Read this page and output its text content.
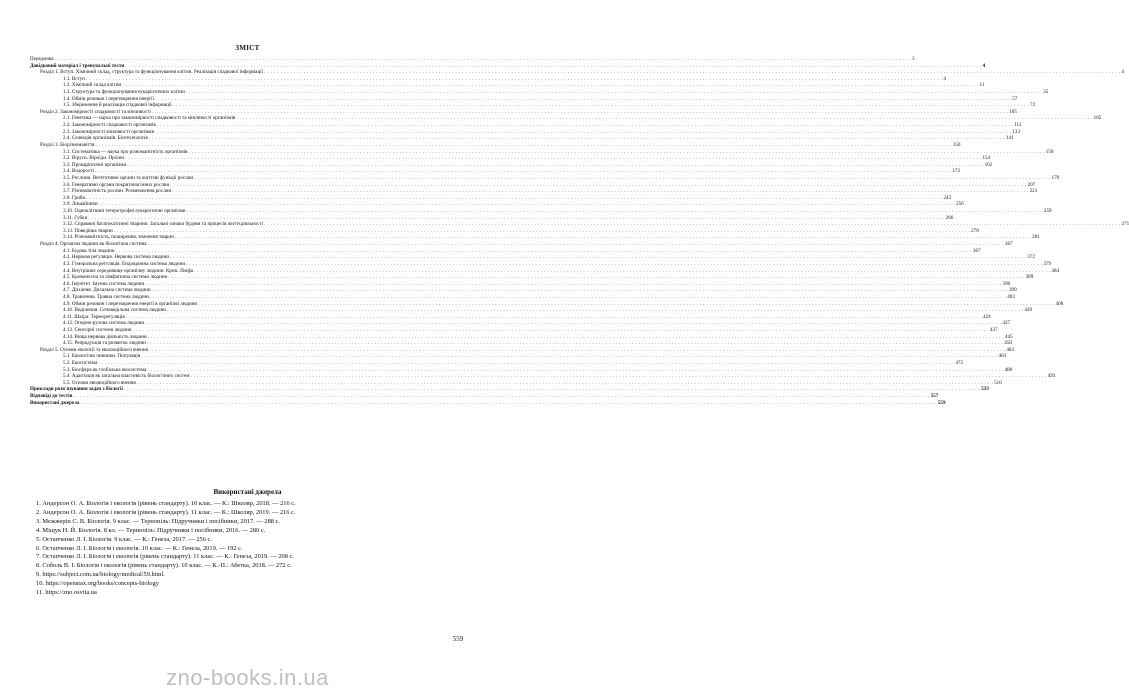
ЗМІСТ
Передмова . . . . . . . . . . . . . . . . . . . . . . . . . . . . . . . . . . . . . . . . . . . . . . . . . . . . . . . . . . . . . . . . . . . . . . . . . . . . . . . . . . . . . . . . . . . . . . . . . . . . . . . . . . . . . . . . . . . . . . . . . . . . . . . . . . . . . . . . . . . . . . . . . . . . . . . . . . . . . . . . . . . . . . . . . . . . . . . . . . . . . . . . . . . . . . . . . . . . . . . . . . . . . . . . . . . . . . . . . . . . . . . . . . . . . . . . . . . . . . . . . . . . . . . . . . . . . . . . . . . . 3
Довідковий матеріал і тренувальні тести . . . . . . . . . . . . . . . . . . . . . . . . . . . . . . . . . . . . . . . . . . . . . . . . . . . . . . . . . . . . . . . . . . . . . . . . . . . . . . . . . . . . . . . . . . . . . . . . . . . . . . . . . . . . . . . . . . . . . . . . . . . . . . . . . . . . . . . . . . . . . . . . . . . . . . . . . . . . . . . . . . . . . . . . . . . . . . . . . . . . . . . . . . . . . . . . . . . . . . . . . . . . . . . . . . . . . . . . . . . . . . . . . . . . . . . . . . . . . . . . . . . . . . . . . . . . . . . . . . . . 4
Розділ 1. Вступ. Хімічний склад, структура та функціонування клітин. Реалізація спадкової інформації . . . . . . . . . . . . . . . . . . . . . . . . . . . . . . . . . . . . . . . . . . . . . . . . . . . . . . . . . . . . . . . . . . . . . . . . . . . . . . . . . . . . . . . . . . . . . . . . . . . . . . . . . . . . . . . . . . . . . . . . . . . . . . . . . . . . . . . . . . . . . . . . . . . . . . . . . . . . . . . . . . . . . . . . . . . . . . . . . . . . . . . . . . . . . . . . . . . . . . . . . . . . . . . . . . . . . . . . . . . . . . . . . . . . . . . . . . . . . . . . . . . . . . . . . . . . . . . . . . . . 4
1.1. Вступ . . . . . . . . . . . . . . . . . . . . . . . . . . . . . . . . . . . . . . . . . . . . . . . . . . . . . . . . . . . . . . . . . . . . . . . . . . . . . . . . . . . . . . . . . . . . . . . . . . . . . . . . . . . . . . . . . . . . . . . . . . . . . . . . . . . . . . . . . . . . . . . . . . . . . . . . . . . . . . . . . . . . . . . . . . . . . . . . . . . . . . . . . . . . . . . . . . . . . . . . . . . . . . . . . . . . . . . . . . . . . . . . . . . . . . . . . . . . . . . . . . . . . . . . . . . . . . . . . . . . 4
1.2. Хімічний склад клітин . . . . . . . . . . . . . . . . . . . . . . . . . . . . . . . . . . . . . . . . . . . . . . . . . . . . . . . . . . . . . . . . . . . . . . . . . . . . . . . . . . . . . . . . . . . . . . . . . . . . . . . . . . . . . . . . . . . . . . . . . . . . . . . . . . . . . . . . . . . . . . . . . . . . . . . . . . . . . . . . . . . . . . . . . . . . . . . . . . . . . . . . . . . . . . . . . . . . . . . . . . . . . . . . . . . . . . . . . . . . . . . . . . . . . . . . . . . . . . . . . . . . . . . . . . . . . . . . . . . . 11
1.3. Структура та функціонування еукаріотичних клітин . . . . . . . . . . . . . . . . . . . . . . . . . . . . . . . . . . . . . . . . . . . . . . . . . . . . . . . . . . . . . . . . . . . . . . . . . . . . . . . . . . . . . . . . . . . . . . . . . . . . . . . . . . . . . . . . . . . . . . . . . . . . . . . . . . . . . . . . . . . . . . . . . . . . . . . . . . . . . . . . . . . . . . . . . . . . . . . . . . . . . . . . . . . . . . . . . . . . . . . . . . . . . . . . . . . . . . . . . . . . . . . . . . . . . . . . . . . . . . . . . . . . . . . . . . . . . . . . . . . . 35
1.4. Обмін речовин і перетворення енергії . . . . . . . . . . . . . . . . . . . . . . . . . . . . . . . . . . . . . . . . . . . . . . . . . . . . . . . . . . . . . . . . . . . . . . . . . . . . . . . . . . . . . . . . . . . . . . . . . . . . . . . . . . . . . . . . . . . . . . . . . . . . . . . . . . . . . . . . . . . . . . . . . . . . . . . . . . . . . . . . . . . . . . . . . . . . . . . . . . . . . . . . . . . . . . . . . . . . . . . . . . . . . . . . . . . . . . . . . . . . . . . . . . . . . . . . . . . . . . . . . . . . . . . . . . . . . . . . . . . . 57
1.5. Збереження й реалізація спадкової інформації . . . . . . . . . . . . . . . . . . . . . . . . . . . . . . . . . . . . . . . . . . . . . . . . . . . . . . . . . . . . . . . . . . . . . . . . . . . . . . . . . . . . . . . . . . . . . . . . . . . . . . . . . . . . . . . . . . . . . . . . . . . . . . . . . . . . . . . . . . . . . . . . . . . . . . . . . . . . . . . . . . . . . . . . . . . . . . . . . . . . . . . . . . . . . . . . . . . . . . . . . . . . . . . . . . . . . . . . . . . . . . . . . . . . . . . . . . . . . . . . . . . . . . . . . . . . . . . . . . . . 72
Розділ 2. Закономірності спадковості та мінливості . . . . . . . . . . . . . . . . . . . . . . . . . . . . . . . . . . . . . . . . . . . . . . . . . . . . . . . . . . . . . . . . . . . . . . . . . . . . . . . . . . . . . . . . . . . . . . . . . . . . . . . . . . . . . . . . . . . . . . . . . . . . . . . . . . . . . . . . . . . . . . . . . . . . . . . . . . . . . . . . . . . . . . . . . . . . . . . . . . . . . . . . . . . . . . . . . . . . . . . . . . . . . . . . . . . . . . . . . . . . . . . . . . . . . . . . . . . . . . . . . . . . . . . . . . . . . . . . . . . . 105
2.1. Генетика — наука про закономірності спадковості та мінливості організмів . . . . . . . . . . . . . . . . . . . . . . . . . . . . . . . . . . . . . . . . . . . . . . . . . . . . . . . . . . . . . . . . . . . . . . . . . . . . . . . . . . . . . . . . . . . . . . . . . . . . . . . . . . . . . . . . . . . . . . . . . . . . . . . . . . . . . . . . . . . . . . . . . . . . . . . . . . . . . . . . . . . . . . . . . . . . . . . . . . . . . . . . . . . . . . . . . . . . . . . . . . . . . . . . . . . . . . . . . . . . . . . . . . . . . . . . . . . . . . . . . . . . . . . . . . . . . . . . . . . . 105
2.2. Закономірності спадковості організмів . . . . . . . . . . . . . . . . . . . . . . . . . . . . . . . . . . . . . . . . . . . . . . . . . . . . . . . . . . . . . . . . . . . . . . . . . . . . . . . . . . . . . . . . . . . . . . . . . . . . . . . . . . . . . . . . . . . . . . . . . . . . . . . . . . . . . . . . . . . . . . . . . . . . . . . . . . . . . . . . . . . . . . . . . . . . . . . . . . . . . . . . . . . . . . . . . . . . . . . . . . . . . . . . . . . . . . . . . . . . . . . . . . . . . . . . . . . . . . . . . . . . . . . . . . . . . . . . . . . . 112
2.3. Закономірності мінливості організмів . . . . . . . . . . . . . . . . . . . . . . . . . . . . . . . . . . . . . . . . . . . . . . . . . . . . . . . . . . . . . . . . . . . . . . . . . . . . . . . . . . . . . . . . . . . . . . . . . . . . . . . . . . . . . . . . . . . . . . . . . . . . . . . . . . . . . . . . . . . . . . . . . . . . . . . . . . . . . . . . . . . . . . . . . . . . . . . . . . . . . . . . . . . . . . . . . . . . . . . . . . . . . . . . . . . . . . . . . . . . . . . . . . . . . . . . . . . . . . . . . . . . . . . . . . . . . . . . . . . . 133
2.4. Селекція організмів. Біотехнологія . . . . . . . . . . . . . . . . . . . . . . . . . . . . . . . . . . . . . . . . . . . . . . . . . . . . . . . . . . . . . . . . . . . . . . . . . . . . . . . . . . . . . . . . . . . . . . . . . . . . . . . . . . . . . . . . . . . . . . . . . . . . . . . . . . . . . . . . . . . . . . . . . . . . . . . . . . . . . . . . . . . . . . . . . . . . . . . . . . . . . . . . . . . . . . . . . . . . . . . . . . . . . . . . . . . . . . . . . . . . . . . . . . . . . . . . . . . . . . . . . . . . . . . . . . . . . . . . . . . . 141
Розділ 3. Біорізноманіття . . . . . . . . . . . . . . . . . . . . . . . . . . . . . . . . . . . . . . . . . . . . . . . . . . . . . . . . . . . . . . . . . . . . . . . . . . . . . . . . . . . . . . . . . . . . . . . . . . . . . . . . . . . . . . . . . . . . . . . . . . . . . . . . . . . . . . . . . . . . . . . . . . . . . . . . . . . . . . . . . . . . . . . . . . . . . . . . . . . . . . . . . . . . . . . . . . . . . . . . . . . . . . . . . . . . . . . . . . . . . . . . . . . . . . . . . . . . . . . . . . . . . . . . . . . . . . . . . . . . 150
3.1. Систематика — наука про різноманітність організмів . . . . . . . . . . . . . . . . . . . . . . . . . . . . . . . . . . . . . . . . . . . . . . . . . . . . . . . . . . . . . . . . . . . . . . . . . . . . . . . . . . . . . . . . . . . . . . . . . . . . . . . . . . . . . . . . . . . . . . . . . . . . . . . . . . . . . . . . . . . . . . . . . . . . . . . . . . . . . . . . . . . . . . . . . . . . . . . . . . . . . . . . . . . . . . . . . . . . . . . . . . . . . . . . . . . . . . . . . . . . . . . . . . . . . . . . . . . . . . . . . . . . . . . . . . . . . . . . . . . . 150
3.2. Віруси. Віроїди. Пріони . . . . . . . . . . . . . . . . . . . . . . . . . . . . . . . . . . . . . . . . . . . . . . . . . . . . . . . . . . . . . . . . . . . . . . . . . . . . . . . . . . . . . . . . . . . . . . . . . . . . . . . . . . . . . . . . . . . . . . . . . . . . . . . . . . . . . . . . . . . . . . . . . . . . . . . . . . . . . . . . . . . . . . . . . . . . . . . . . . . . . . . . . . . . . . . . . . . . . . . . . . . . . . . . . . . . . . . . . . . . . . . . . . . . . . . . . . . . . . . . . . . . . . . . . . . . . . . . . . . . 154
3.3. Прокаріотичні організми . . . . . . . . . . . . . . . . . . . . . . . . . . . . . . . . . . . . . . . . . . . . . . . . . . . . . . . . . . . . . . . . . . . . . . . . . . . . . . . . . . . . . . . . . . . . . . . . . . . . . . . . . . . . . . . . . . . . . . . . . . . . . . . . . . . . . . . . . . . . . . . . . . . . . . . . . . . . . . . . . . . . . . . . . . . . . . . . . . . . . . . . . . . . . . . . . . . . . . . . . . . . . . . . . . . . . . . . . . . . . . . . . . . . . . . . . . . . . . . . . . . . . . . . . . . . . . . . . . . . 162
3.4. Водорості . . . . . . . . . . . . . . . . . . . . . . . . . . . . . . . . . . . . . . . . . . . . . . . . . . . . . . . . . . . . . . . . . . . . . . . . . . . . . . . . . . . . . . . . . . . . . . . . . . . . . . . . . . . . . . . . . . . . . . . . . . . . . . . . . . . . . . . . . . . . . . . . . . . . . . . . . . . . . . . . . . . . . . . . . . . . . . . . . . . . . . . . . . . . . . . . . . . . . . . . . . . . . . . . . . . . . . . . . . . . . . . . . . . . . . . . . . . . . . . . . . . . . . . . . . . . . . . . . . . . 172
3.5. Рослини. Вегетативні органи та життєві функції рослин . . . . . . . . . . . . . . . . . . . . . . . . . . . . . . . . . . . . . . . . . . . . . . . . . . . . . . . . . . . . . . . . . . . . . . . . . . . . . . . . . . . . . . . . . . . . . . . . . . . . . . . . . . . . . . . . . . . . . . . . . . . . . . . . . . . . . . . . . . . . . . . . . . . . . . . . . . . . . . . . . . . . . . . . . . . . . . . . . . . . . . . . . . . . . . . . . . . . . . . . . . . . . . . . . . . . . . . . . . . . . . . . . . . . . . . . . . . . . . . . . . . . . . . . . . . . . . . . . . . . 179
3.6. Генеративні органи покритонасінних рослин . . . . . . . . . . . . . . . . . . . . . . . . . . . . . . . . . . . . . . . . . . . . . . . . . . . . . . . . . . . . . . . . . . . . . . . . . . . . . . . . . . . . . . . . . . . . . . . . . . . . . . . . . . . . . . . . . . . . . . . . . . . . . . . . . . . . . . . . . . . . . . . . . . . . . . . . . . . . . . . . . . . . . . . . . . . . . . . . . . . . . . . . . . . . . . . . . . . . . . . . . . . . . . . . . . . . . . . . . . . . . . . . . . . . . . . . . . . . . . . . . . . . . . . . . . . . . . . . . . . . 207
3.7. Різноманітність рослин. Розмноження рослин . . . . . . . . . . . . . . . . . . . . . . . . . . . . . . . . . . . . . . . . . . . . . . . . . . . . . . . . . . . . . . . . . . . . . . . . . . . . . . . . . . . . . . . . . . . . . . . . . . . . . . . . . . . . . . . . . . . . . . . . . . . . . . . . . . . . . . . . . . . . . . . . . . . . . . . . . . . . . . . . . . . . . . . . . . . . . . . . . . . . . . . . . . . . . . . . . . . . . . . . . . . . . . . . . . . . . . . . . . . . . . . . . . . . . . . . . . . . . . . . . . . . . . . . . . . . . . . . . . . . 221
3.8. Гриби . . . . . . . . . . . . . . . . . . . . . . . . . . . . . . . . . . . . . . . . . . . . . . . . . . . . . . . . . . . . . . . . . . . . . . . . . . . . . . . . . . . . . . . . . . . . . . . . . . . . . . . . . . . . . . . . . . . . . . . . . . . . . . . . . . . . . . . . . . . . . . . . . . . . . . . . . . . . . . . . . . . . . . . . . . . . . . . . . . . . . . . . . . . . . . . . . . . . . . . . . . . . . . . . . . . . . . . . . . . . . . . . . . . . . . . . . . . . . . . . . . . . . . . . . . . . . . . . . . . . 243
3.9. Лишайники . . . . . . . . . . . . . . . . . . . . . . . . . . . . . . . . . . . . . . . . . . . . . . . . . . . . . . . . . . . . . . . . . . . . . . . . . . . . . . . . . . . . . . . . . . . . . . . . . . . . . . . . . . . . . . . . . . . . . . . . . . . . . . . . . . . . . . . . . . . . . . . . . . . . . . . . . . . . . . . . . . . . . . . . . . . . . . . . . . . . . . . . . . . . . . . . . . . . . . . . . . . . . . . . . . . . . . . . . . . . . . . . . . . . . . . . . . . . . . . . . . . . . . . . . . . . . . . . . . . . 256
3.10. Одноклітинні гетеротрофні еукаріотичні організми . . . . . . . . . . . . . . . . . . . . . . . . . . . . . . . . . . . . . . . . . . . . . . . . . . . . . . . . . . . . . . . . . . . . . . . . . . . . . . . . . . . . . . . . . . . . . . . . . . . . . . . . . . . . . . . . . . . . . . . . . . . . . . . . . . . . . . . . . . . . . . . . . . . . . . . . . . . . . . . . . . . . . . . . . . . . . . . . . . . . . . . . . . . . . . . . . . . . . . . . . . . . . . . . . . . . . . . . . . . . . . . . . . . . . . . . . . . . . . . . . . . . . . . . . . . . . . . . . . . . 259
3.11. Губки . . . . . . . . . . . . . . . . . . . . . . . . . . . . . . . . . . . . . . . . . . . . . . . . . . . . . . . . . . . . . . . . . . . . . . . . . . . . . . . . . . . . . . . . . . . . . . . . . . . . . . . . . . . . . . . . . . . . . . . . . . . . . . . . . . . . . . . . . . . . . . . . . . . . . . . . . . . . . . . . . . . . . . . . . . . . . . . . . . . . . . . . . . . . . . . . . . . . . . . . . . . . . . . . . . . . . . . . . . . . . . . . . . . . . . . . . . . . . . . . . . . . . . . . . . . . . . . . . . . . 266
3.12. Справжні багатоклітинні тварини. Загальні ознаки будови та процесів життєдіяльності . . . . . . . . . . . . . . . . . . . . . . . . . . . . . . . . . . . . . . . . . . . . . . . . . . . . . . . . . . . . . . . . . . . . . . . . . . . . . . . . . . . . . . . . . . . . . . . . . . . . . . . . . . . . . . . . . . . . . . . . . . . . . . . . . . . . . . . . . . . . . . . . . . . . . . . . . . . . . . . . . . . . . . . . . . . . . . . . . . . . . . . . . . . . . . . . . . . . . . . . . . . . . . . . . . . . . . . . . . . . . . . . . . . . . . . . . . . . . . . . . . . . . . . . . . . . . . . . . . . . 271
3.13. Поведінка тварин . . . . . . . . . . . . . . . . . . . . . . . . . . . . . . . . . . . . . . . . . . . . . . . . . . . . . . . . . . . . . . . . . . . . . . . . . . . . . . . . . . . . . . . . . . . . . . . . . . . . . . . . . . . . . . . . . . . . . . . . . . . . . . . . . . . . . . . . . . . . . . . . . . . . . . . . . . . . . . . . . . . . . . . . . . . . . . . . . . . . . . . . . . . . . . . . . . . . . . . . . . . . . . . . . . . . . . . . . . . . . . . . . . . . . . . . . . . . . . . . . . . . . . . . . . . . . . . . . . . . 278
3.14. Різноманітність, поширення, значення тварин . . . . . . . . . . . . . . . . . . . . . . . . . . . . . . . . . . . . . . . . . . . . . . . . . . . . . . . . . . . . . . . . . . . . . . . . . . . . . . . . . . . . . . . . . . . . . . . . . . . . . . . . . . . . . . . . . . . . . . . . . . . . . . . . . . . . . . . . . . . . . . . . . . . . . . . . . . . . . . . . . . . . . . . . . . . . . . . . . . . . . . . . . . . . . . . . . . . . . . . . . . . . . . . . . . . . . . . . . . . . . . . . . . . . . . . . . . . . . . . . . . . . . . . . . . . . . . . . . . . . 281
Розділ 4. Організм людини як біологічна система . . . . . . . . . . . . . . . . . . . . . . . . . . . . . . . . . . . . . . . . . . . . . . . . . . . . . . . . . . . . . . . . . . . . . . . . . . . . . . . . . . . . . . . . . . . . . . . . . . . . . . . . . . . . . . . . . . . . . . . . . . . . . . . . . . . . . . . . . . . . . . . . . . . . . . . . . . . . . . . . . . . . . . . . . . . . . . . . . . . . . . . . . . . . . . . . . . . . . . . . . . . . . . . . . . . . . . . . . . . . . . . . . . . . . . . . . . . . . . . . . . . . . . . . . . . . . . . . . . . . 367
4.1. Будова тіла людини . . . . . . . . . . . . . . . . . . . . . . . . . . . . . . . . . . . . . . . . . . . . . . . . . . . . . . . . . . . . . . . . . . . . . . . . . . . . . . . . . . . . . . . . . . . . . . . . . . . . . . . . . . . . . . . . . . . . . . . . . . . . . . . . . . . . . . . . . . . . . . . . . . . . . . . . . . . . . . . . . . . . . . . . . . . . . . . . . . . . . . . . . . . . . . . . . . . . . . . . . . . . . . . . . . . . . . . . . . . . . . . . . . . . . . . . . . . . . . . . . . . . . . . . . . . . . . . . . . . . 367
4.2. Нервова регуляція. Нервова система людини . . . . . . . . . . . . . . . . . . . . . . . . . . . . . . . . . . . . . . . . . . . . . . . . . . . . . . . . . . . . . . . . . . . . . . . . . . . . . . . . . . . . . . . . . . . . . . . . . . . . . . . . . . . . . . . . . . . . . . . . . . . . . . . . . . . . . . . . . . . . . . . . . . . . . . . . . . . . . . . . . . . . . . . . . . . . . . . . . . . . . . . . . . . . . . . . . . . . . . . . . . . . . . . . . . . . . . . . . . . . . . . . . . . . . . . . . . . . . . . . . . . . . . . . . . . . . . . . . . . . 372
4.3. Гуморальна регуляція. Ендокринна система людини . . . . . . . . . . . . . . . . . . . . . . . . . . . . . . . . . . . . . . . . . . . . . . . . . . . . . . . . . . . . . . . . . . . . . . . . . . . . . . . . . . . . . . . . . . . . . . . . . . . . . . . . . . . . . . . . . . . . . . . . . . . . . . . . . . . . . . . . . . . . . . . . . . . . . . . . . . . . . . . . . . . . . . . . . . . . . . . . . . . . . . . . . . . . . . . . . . . . . . . . . . . . . . . . . . . . . . . . . . . . . . . . . . . . . . . . . . . . . . . . . . . . . . . . . . . . . . . . . . . . 379
4.4. Внутрішнє середовище організму людини. Кров. Лімфа . . . . . . . . . . . . . . . . . . . . . . . . . . . . . . . . . . . . . . . . . . . . . . . . . . . . . . . . . . . . . . . . . . . . . . . . . . . . . . . . . . . . . . . . . . . . . . . . . . . . . . . . . . . . . . . . . . . . . . . . . . . . . . . . . . . . . . . . . . . . . . . . . . . . . . . . . . . . . . . . . . . . . . . . . . . . . . . . . . . . . . . . . . . . . . . . . . . . . . . . . . . . . . . . . . . . . . . . . . . . . . . . . . . . . . . . . . . . . . . . . . . . . . . . . . . . . . . . . . . . 384
4.5. Кровоносна та лімфатична системи людини . . . . . . . . . . . . . . . . . . . . . . . . . . . . . . . . . . . . . . . . . . . . . . . . . . . . . . . . . . . . . . . . . . . . . . . . . . . . . . . . . . . . . . . . . . . . . . . . . . . . . . . . . . . . . . . . . . . . . . . . . . . . . . . . . . . . . . . . . . . . . . . . . . . . . . . . . . . . . . . . . . . . . . . . . . . . . . . . . . . . . . . . . . . . . . . . . . . . . . . . . . . . . . . . . . . . . . . . . . . . . . . . . . . . . . . . . . . . . . . . . . . . . . . . . . . . . . . . . . . . 389
4.6. Імунітет. Імунна система людини . . . . . . . . . . . . . . . . . . . . . . . . . . . . . . . . . . . . . . . . . . . . . . . . . . . . . . . . . . . . . . . . . . . . . . . . . . . . . . . . . . . . . . . . . . . . . . . . . . . . . . . . . . . . . . . . . . . . . . . . . . . . . . . . . . . . . . . . . . . . . . . . . . . . . . . . . . . . . . . . . . . . . . . . . . . . . . . . . . . . . . . . . . . . . . . . . . . . . . . . . . . . . . . . . . . . . . . . . . . . . . . . . . . . . . . . . . . . . . . . . . . . . . . . . . . . . . . . . . . . 396
4.7. Дихання. Дихальна система людини . . . . . . . . . . . . . . . . . . . . . . . . . . . . . . . . . . . . . . . . . . . . . . . . . . . . . . . . . . . . . . . . . . . . . . . . . . . . . . . . . . . . . . . . . . . . . . . . . . . . . . . . . . . . . . . . . . . . . . . . . . . . . . . . . . . . . . . . . . . . . . . . . . . . . . . . . . . . . . . . . . . . . . . . . . . . . . . . . . . . . . . . . . . . . . . . . . . . . . . . . . . . . . . . . . . . . . . . . . . . . . . . . . . . . . . . . . . . . . . . . . . . . . . . . . . . . . . . . . . . 399
4.8. Травлення. Травна система людини . . . . . . . . . . . . . . . . . . . . . . . . . . . . . . . . . . . . . . . . . . . . . . . . . . . . . . . . . . . . . . . . . . . . . . . . . . . . . . . . . . . . . . . . . . . . . . . . . . . . . . . . . . . . . . . . . . . . . . . . . . . . . . . . . . . . . . . . . . . . . . . . . . . . . . . . . . . . . . . . . . . . . . . . . . . . . . . . . . . . . . . . . . . . . . . . . . . . . . . . . . . . . . . . . . . . . . . . . . . . . . . . . . . . . . . . . . . . . . . . . . . . . . . . . . . . . . . . . . . . 403
4.9. Обмін речовин і перетворення енергії в організмі людини . . . . . . . . . . . . . . . . . . . . . . . . . . . . . . . . . . . . . . . . . . . . . . . . . . . . . . . . . . . . . . . . . . . . . . . . . . . . . . . . . . . . . . . . . . . . . . . . . . . . . . . . . . . . . . . . . . . . . . . . . . . . . . . . . . . . . . . . . . . . . . . . . . . . . . . . . . . . . . . . . . . . . . . . . . . . . . . . . . . . . . . . . . . . . . . . . . . . . . . . . . . . . . . . . . . . . . . . . . . . . . . . . . . . . . . . . . . . . . . . . . . . . . . . . . . . . . . . . . . . 408
4.10. Виділення. Сечовидільна система людини . . . . . . . . . . . . . . . . . . . . . . . . . . . . . . . . . . . . . . . . . . . . . . . . . . . . . . . . . . . . . . . . . . . . . . . . . . . . . . . . . . . . . . . . . . . . . . . . . . . . . . . . . . . . . . . . . . . . . . . . . . . . . . . . . . . . . . . . . . . . . . . . . . . . . . . . . . . . . . . . . . . . . . . . . . . . . . . . . . . . . . . . . . . . . . . . . . . . . . . . . . . . . . . . . . . . . . . . . . . . . . . . . . . . . . . . . . . . . . . . . . . . . . . . . . . . . . . . . . . . 420
4.11. Шкіра. Терморегуляція . . . . . . . . . . . . . . . . . . . . . . . . . . . . . . . . . . . . . . . . . . . . . . . . . . . . . . . . . . . . . . . . . . . . . . . . . . . . . . . . . . . . . . . . . . . . . . . . . . . . . . . . . . . . . . . . . . . . . . . . . . . . . . . . . . . . . . . . . . . . . . . . . . . . . . . . . . . . . . . . . . . . . . . . . . . . . . . . . . . . . . . . . . . . . . . . . . . . . . . . . . . . . . . . . . . . . . . . . . . . . . . . . . . . . . . . . . . . . . . . . . . . . . . . . . . . . . . . . . . . 424
4.12. Опорно-рухова система людини . . . . . . . . . . . . . . . . . . . . . . . . . . . . . . . . . . . . . . . . . . . . . . . . . . . . . . . . . . . . . . . . . . . . . . . . . . . . . . . . . . . . . . . . . . . . . . . . . . . . . . . . . . . . . . . . . . . . . . . . . . . . . . . . . . . . . . . . . . . . . . . . . . . . . . . . . . . . . . . . . . . . . . . . . . . . . . . . . . . . . . . . . . . . . . . . . . . . . . . . . . . . . . . . . . . . . . . . . . . . . . . . . . . . . . . . . . . . . . . . . . . . . . . . . . . . . . . . . . . . 427
4.13. Сенсорні системи людини . . . . . . . . . . . . . . . . . . . . . . . . . . . . . . . . . . . . . . . . . . . . . . . . . . . . . . . . . . . . . . . . . . . . . . . . . . . . . . . . . . . . . . . . . . . . . . . . . . . . . . . . . . . . . . . . . . . . . . . . . . . . . . . . . . . . . . . . . . . . . . . . . . . . . . . . . . . . . . . . . . . . . . . . . . . . . . . . . . . . . . . . . . . . . . . . . . . . . . . . . . . . . . . . . . . . . . . . . . . . . . . . . . . . . . . . . . . . . . . . . . . . . . . . . . . . . . . . . . . . 437
4.14. Вища нервова діяльність людини . . . . . . . . . . . . . . . . . . . . . . . . . . . . . . . . . . . . . . . . . . . . . . . . . . . . . . . . . . . . . . . . . . . . . . . . . . . . . . . . . . . . . . . . . . . . . . . . . . . . . . . . . . . . . . . . . . . . . . . . . . . . . . . . . . . . . . . . . . . . . . . . . . . . . . . . . . . . . . . . . . . . . . . . . . . . . . . . . . . . . . . . . . . . . . . . . . . . . . . . . . . . . . . . . . . . . . . . . . . . . . . . . . . . . . . . . . . . . . . . . . . . . . . . . . . . . . . . . . . . 445
4.15. Репродукція та розвиток людини . . . . . . . . . . . . . . . . . . . . . . . . . . . . . . . . . . . . . . . . . . . . . . . . . . . . . . . . . . . . . . . . . . . . . . . . . . . . . . . . . . . . . . . . . . . . . . . . . . . . . . . . . . . . . . . . . . . . . . . . . . . . . . . . . . . . . . . . . . . . . . . . . . . . . . . . . . . . . . . . . . . . . . . . . . . . . . . . . . . . . . . . . . . . . . . . . . . . . . . . . . . . . . . . . . . . . . . . . . . . . . . . . . . . . . . . . . . . . . . . . . . . . . . . . . . . . . . . . . . . 450
Розділ 5. Основи екології та еволюційного вчення . . . . . . . . . . . . . . . . . . . . . . . . . . . . . . . . . . . . . . . . . . . . . . . . . . . . . . . . . . . . . . . . . . . . . . . . . . . . . . . . . . . . . . . . . . . . . . . . . . . . . . . . . . . . . . . . . . . . . . . . . . . . . . . . . . . . . . . . . . . . . . . . . . . . . . . . . . . . . . . . . . . . . . . . . . . . . . . . . . . . . . . . . . . . . . . . . . . . . . . . . . . . . . . . . . . . . . . . . . . . . . . . . . . . . . . . . . . . . . . . . . . . . . . . . . . . . . . . . . . . 463
5.1. Екологічні чинники. Популяція . . . . . . . . . . . . . . . . . . . . . . . . . . . . . . . . . . . . . . . . . . . . . . . . . . . . . . . . . . . . . . . . . . . . . . . . . . . . . . . . . . . . . . . . . . . . . . . . . . . . . . . . . . . . . . . . . . . . . . . . . . . . . . . . . . . . . . . . . . . . . . . . . . . . . . . . . . . . . . . . . . . . . . . . . . . . . . . . . . . . . . . . . . . . . . . . . . . . . . . . . . . . . . . . . . . . . . . . . . . . . . . . . . . . . . . . . . . . . . . . . . . . . . . . . . . . . . . . . . . . 463
5.2. Екосистема . . . . . . . . . . . . . . . . . . . . . . . . . . . . . . . . . . . . . . . . . . . . . . . . . . . . . . . . . . . . . . . . . . . . . . . . . . . . . . . . . . . . . . . . . . . . . . . . . . . . . . . . . . . . . . . . . . . . . . . . . . . . . . . . . . . . . . . . . . . . . . . . . . . . . . . . . . . . . . . . . . . . . . . . . . . . . . . . . . . . . . . . . . . . . . . . . . . . . . . . . . . . . . . . . . . . . . . . . . . . . . . . . . . . . . . . . . . . . . . . . . . . . . . . . . . . . . . . . . . . 472
5.3. Біосфера як глобальна екосистема . . . . . . . . . . . . . . . . . . . . . . . . . . . . . . . . . . . . . . . . . . . . . . . . . . . . . . . . . . . . . . . . . . . . . . . . . . . . . . . . . . . . . . . . . . . . . . . . . . . . . . . . . . . . . . . . . . . . . . . . . . . . . . . . . . . . . . . . . . . . . . . . . . . . . . . . . . . . . . . . . . . . . . . . . . . . . . . . . . . . . . . . . . . . . . . . . . . . . . . . . . . . . . . . . . . . . . . . . . . . . . . . . . . . . . . . . . . . . . . . . . . . . . . . . . . . . . . . . . . . 480
5.4. Адаптація як загальна властивість біологічних систем . . . . . . . . . . . . . . . . . . . . . . . . . . . . . . . . . . . . . . . . . . . . . . . . . . . . . . . . . . . . . . . . . . . . . . . . . . . . . . . . . . . . . . . . . . . . . . . . . . . . . . . . . . . . . . . . . . . . . . . . . . . . . . . . . . . . . . . . . . . . . . . . . . . . . . . . . . . . . . . . . . . . . . . . . . . . . . . . . . . . . . . . . . . . . . . . . . . . . . . . . . . . . . . . . . . . . . . . . . . . . . . . . . . . . . . . . . . . . . . . . . . . . . . . . . . . . . . . . . . . 493
5.5. Основи еволюційного вчення . . . . . . . . . . . . . . . . . . . . . . . . . . . . . . . . . . . . . . . . . . . . . . . . . . . . . . . . . . . . . . . . . . . . . . . . . . . . . . . . . . . . . . . . . . . . . . . . . . . . . . . . . . . . . . . . . . . . . . . . . . . . . . . . . . . . . . . . . . . . . . . . . . . . . . . . . . . . . . . . . . . . . . . . . . . . . . . . . . . . . . . . . . . . . . . . . . . . . . . . . . . . . . . . . . . . . . . . . . . . . . . . . . . . . . . . . . . . . . . . . . . . . . . . . . . . . . . . . . . . 510
Приклади розв'язування задач з біології . . . . . . . . . . . . . . . . . . . . . . . . . . . . . . . . . . . . . . . . . . . . . . . . . . . . . . . . . . . . . . . . . . . . . . . . . . . . . . . . . . . . . . . . . . . . . . . . . . . . . . . . . . . . . . . . . . . . . . . . . . . . . . . . . . . . . . . . . . . . . . . . . . . . . . . . . . . . . . . . . . . . . . . . . . . . . . . . . . . . . . . . . . . . . . . . . . . . . . . . . . . . . . . . . . . . . . . . . . . . . . . . . . . . . . . . . . . . . . . . . . . . . . . . . . . . . . . . . . . . 533
Відповіді до тестів . . . . . . . . . . . . . . . . . . . . . . . . . . . . . . . . . . . . . . . . . . . . . . . . . . . . . . . . . . . . . . . . . . . . . . . . . . . . . . . . . . . . . . . . . . . . . . . . . . . . . . . . . . . . . . . . . . . . . . . . . . . . . . . . . . . . . . . . . . . . . . . . . . . . . . . . . . . . . . . . . . . . . . . . . . . . . . . . . . . . . . . . . . . . . . . . . . . . . . . . . . . . . . . . . . . . . . . . . . . . . . . . . . . . . . . . . . . . . . . . . . . . . . . . . . . . . . . . . . . . 557
Використані джерела . . . . . . . . . . . . . . . . . . . . . . . . . . . . . . . . . . . . . . . . . . . . . . . . . . . . . . . . . . . . . . . . . . . . . . . . . . . . . . . . . . . . . . . . . . . . . . . . . . . . . . . . . . . . . . . . . . . . . . . . . . . . . . . . . . . . . . . . . . . . . . . . . . . . . . . . . . . . . . . . . . . . . . . . . . . . . . . . . . . . . . . . . . . . . . . . . . . . . . . . . . . . . . . . . . . . . . . . . . . . . . . . . . . . . . . . . . . . . . . . . . . . . . . . . . . . . . . . . . . . 559
Використані джерела
1. Андерсон О. А. Біологія і екологія (рівень стандарту). 10 клас. — К.: Школяр, 2018. — 216 с.
2. Андерсон О. А. Біологія і екологія (рівень стандарту). 11 клас. — К.: Школяр, 2019. — 216 с.
3. Межжерін С. В. Біологія. 9 клас. — Тернопіль: Підручники і посібники, 2017. — 288 с.
4. Міщук Н. Й. Біологія. 8 кл. — Тернопіль: Підручники і посібники, 2016. — 280 с.
5. Остапченко Л. І. Біологія. 9 клас. — К.: Генеза, 2017. — 256 с.
6. Остапченко Л. І. Біологія і екологія. 10 клас. — К.: Генеза, 2019. — 192 с.
7. Остапченко Л. І. Біологія і екологія (рівень стандарту). 11 клас. — К.: Генеза, 2019. — 208 с.
8. Соболь В. І. Біологія і екологія (рівень стандарту). 10 клас. — К.-П.: Абетка, 2018. — 272 с.
9. https://subject.com.ua/biology/medical/59.html.
10. https://openstax.org/books/concepts-biology
11. https://zno.osvita.ua
559
zno-books.in.ua
